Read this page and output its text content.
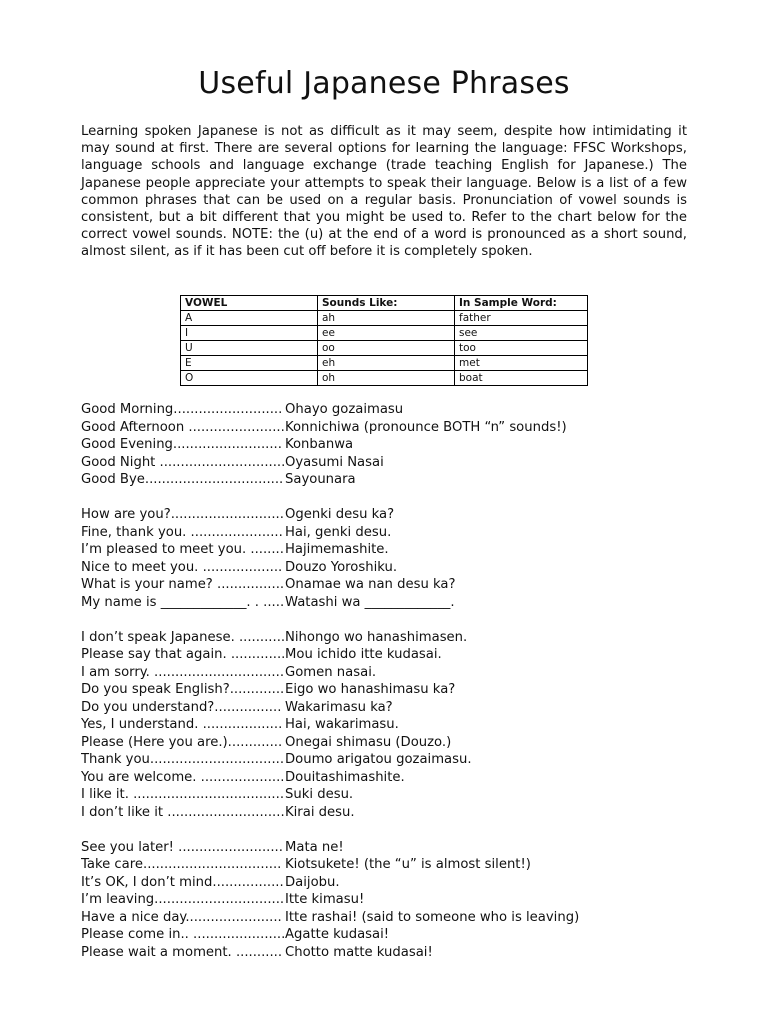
Useful Japanese Phrases

Learning spoken Japanese is not as difficult as it may seem, despite how intimidating it may sound at first. There are several options for learning the language: FFSC Workshops, language schools and language exchange (trade teaching English for Japanese.) The Japanese people appreciate your attempts to speak their language. Below is a list of a few common phrases that can be used on a regular basis. Pronunciation of vowel sounds is consistent, but a bit different that you might be used to. Refer to the chart below for the correct vowel sounds. NOTE: the (u) at the end of a word is pronounced as a short sound, almost silent, as if it has been cut off before it is completely spoken.

VOWEL	Sounds Like:	In Sample Word:
A	ah	father
I	ee	see
U	oo	too
E	eh	met
O	oh	boat
Good Morning.......................... Ohayo gozaimasu
Good Afternoon .......................Konnichiwa (pronounce BOTH “n” sounds!)
Good Evening.......................... Konbanwa
Good Night ..............................Oyasumi Nasai
Good Bye................................. Sayounara
How are you?...........................Ogenki desu ka?
Fine, thank you. ...................... Hai, genki desu.
I’m pleased to meet you. ........Hajimemashite.
Nice to meet you. ................... Douzo Yoroshiku.
What is your name? ................Onamae wa nan desu ka?
My name is _____________. . .....Watashi wa _____________.
I don’t speak Japanese. ...........Nihongo wo hanashimasen.
Please say that again. .............Mou ichido itte kudasai.
I am sorry. ...............................Gomen nasai.
Do you speak English?.............Eigo wo hanashimasu ka?
Do you understand?................ Wakarimasu ka?
Yes, I understand. ................... Hai, wakarimasu.
Please (Here you are.)............. Onegai shimasu (Douzo.)
Thank you................................Doumo arigatou gozaimasu.
You are welcome. ....................Douitashimashite.
I like it. ....................................Suki desu.
I don’t like it ............................Kirai desu.
See you later! ......................... Mata ne!
Take care................................. Kiotsukete! (the “u” is almost silent!)
It’s OK, I don’t mind.................Daijobu.
I’m leaving...............................Itte kimasu!
Have a nice day....................... Itte rashai! (said to someone who is leaving)
Please come in.. ......................Agatte kudasai!
Please wait a moment. ........... Chotto matte kudasai!
